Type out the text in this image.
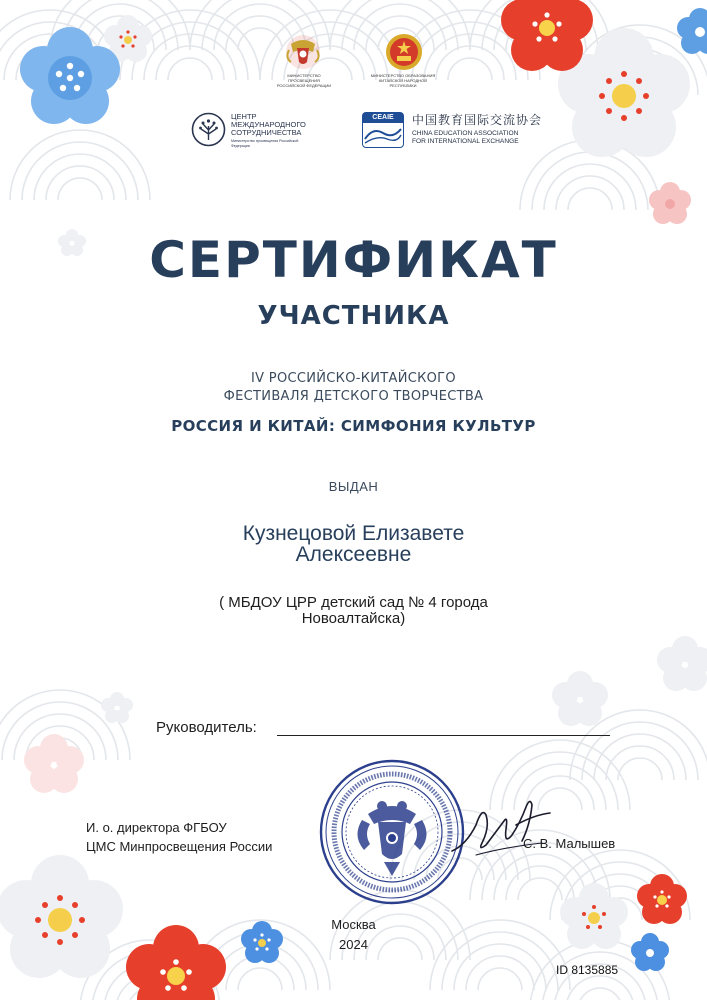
МИНИСТЕРСТВО ПРОСВЕЩЕНИЯ РОССИЙСКОЙ ФЕДЕРАЦИИ
МИНИСТЕРСТВО ОБРАЗОВАНИЯ КИТАЙСКОЙ НАРОДНОЙ РЕСПУБЛИКИ
ЦЕНТР
МЕЖДУНАРОДНОГО
СОТРУДНИЧЕСТВА
Министерство просвещения Российской Федерации
CEAIE	中国教育国际交流协会
CHINA EDUCATION ASSOCIATION
FOR INTERNATIONAL EXCHANGE
СЕРТИФИКАТ
УЧАСТНИКА
IV РОССИЙСКО-КИТАЙСКОГО
ФЕСТИВАЛЯ ДЕТСКОГО ТВОРЧЕСТВА
РОССИЯ И КИТАЙ: СИМФОНИЯ КУЛЬТУР
ВЫДАН
Кузнецовой Елизавете
Алексеевне
( МБДОУ ЦРР детский сад № 4 города
Новоалтайска)
Руководитель:
И. о. директора ФГБОУ
ЦМС Минпросвещения России	С. В. Малышев
Москва
2024
ID 8135885
